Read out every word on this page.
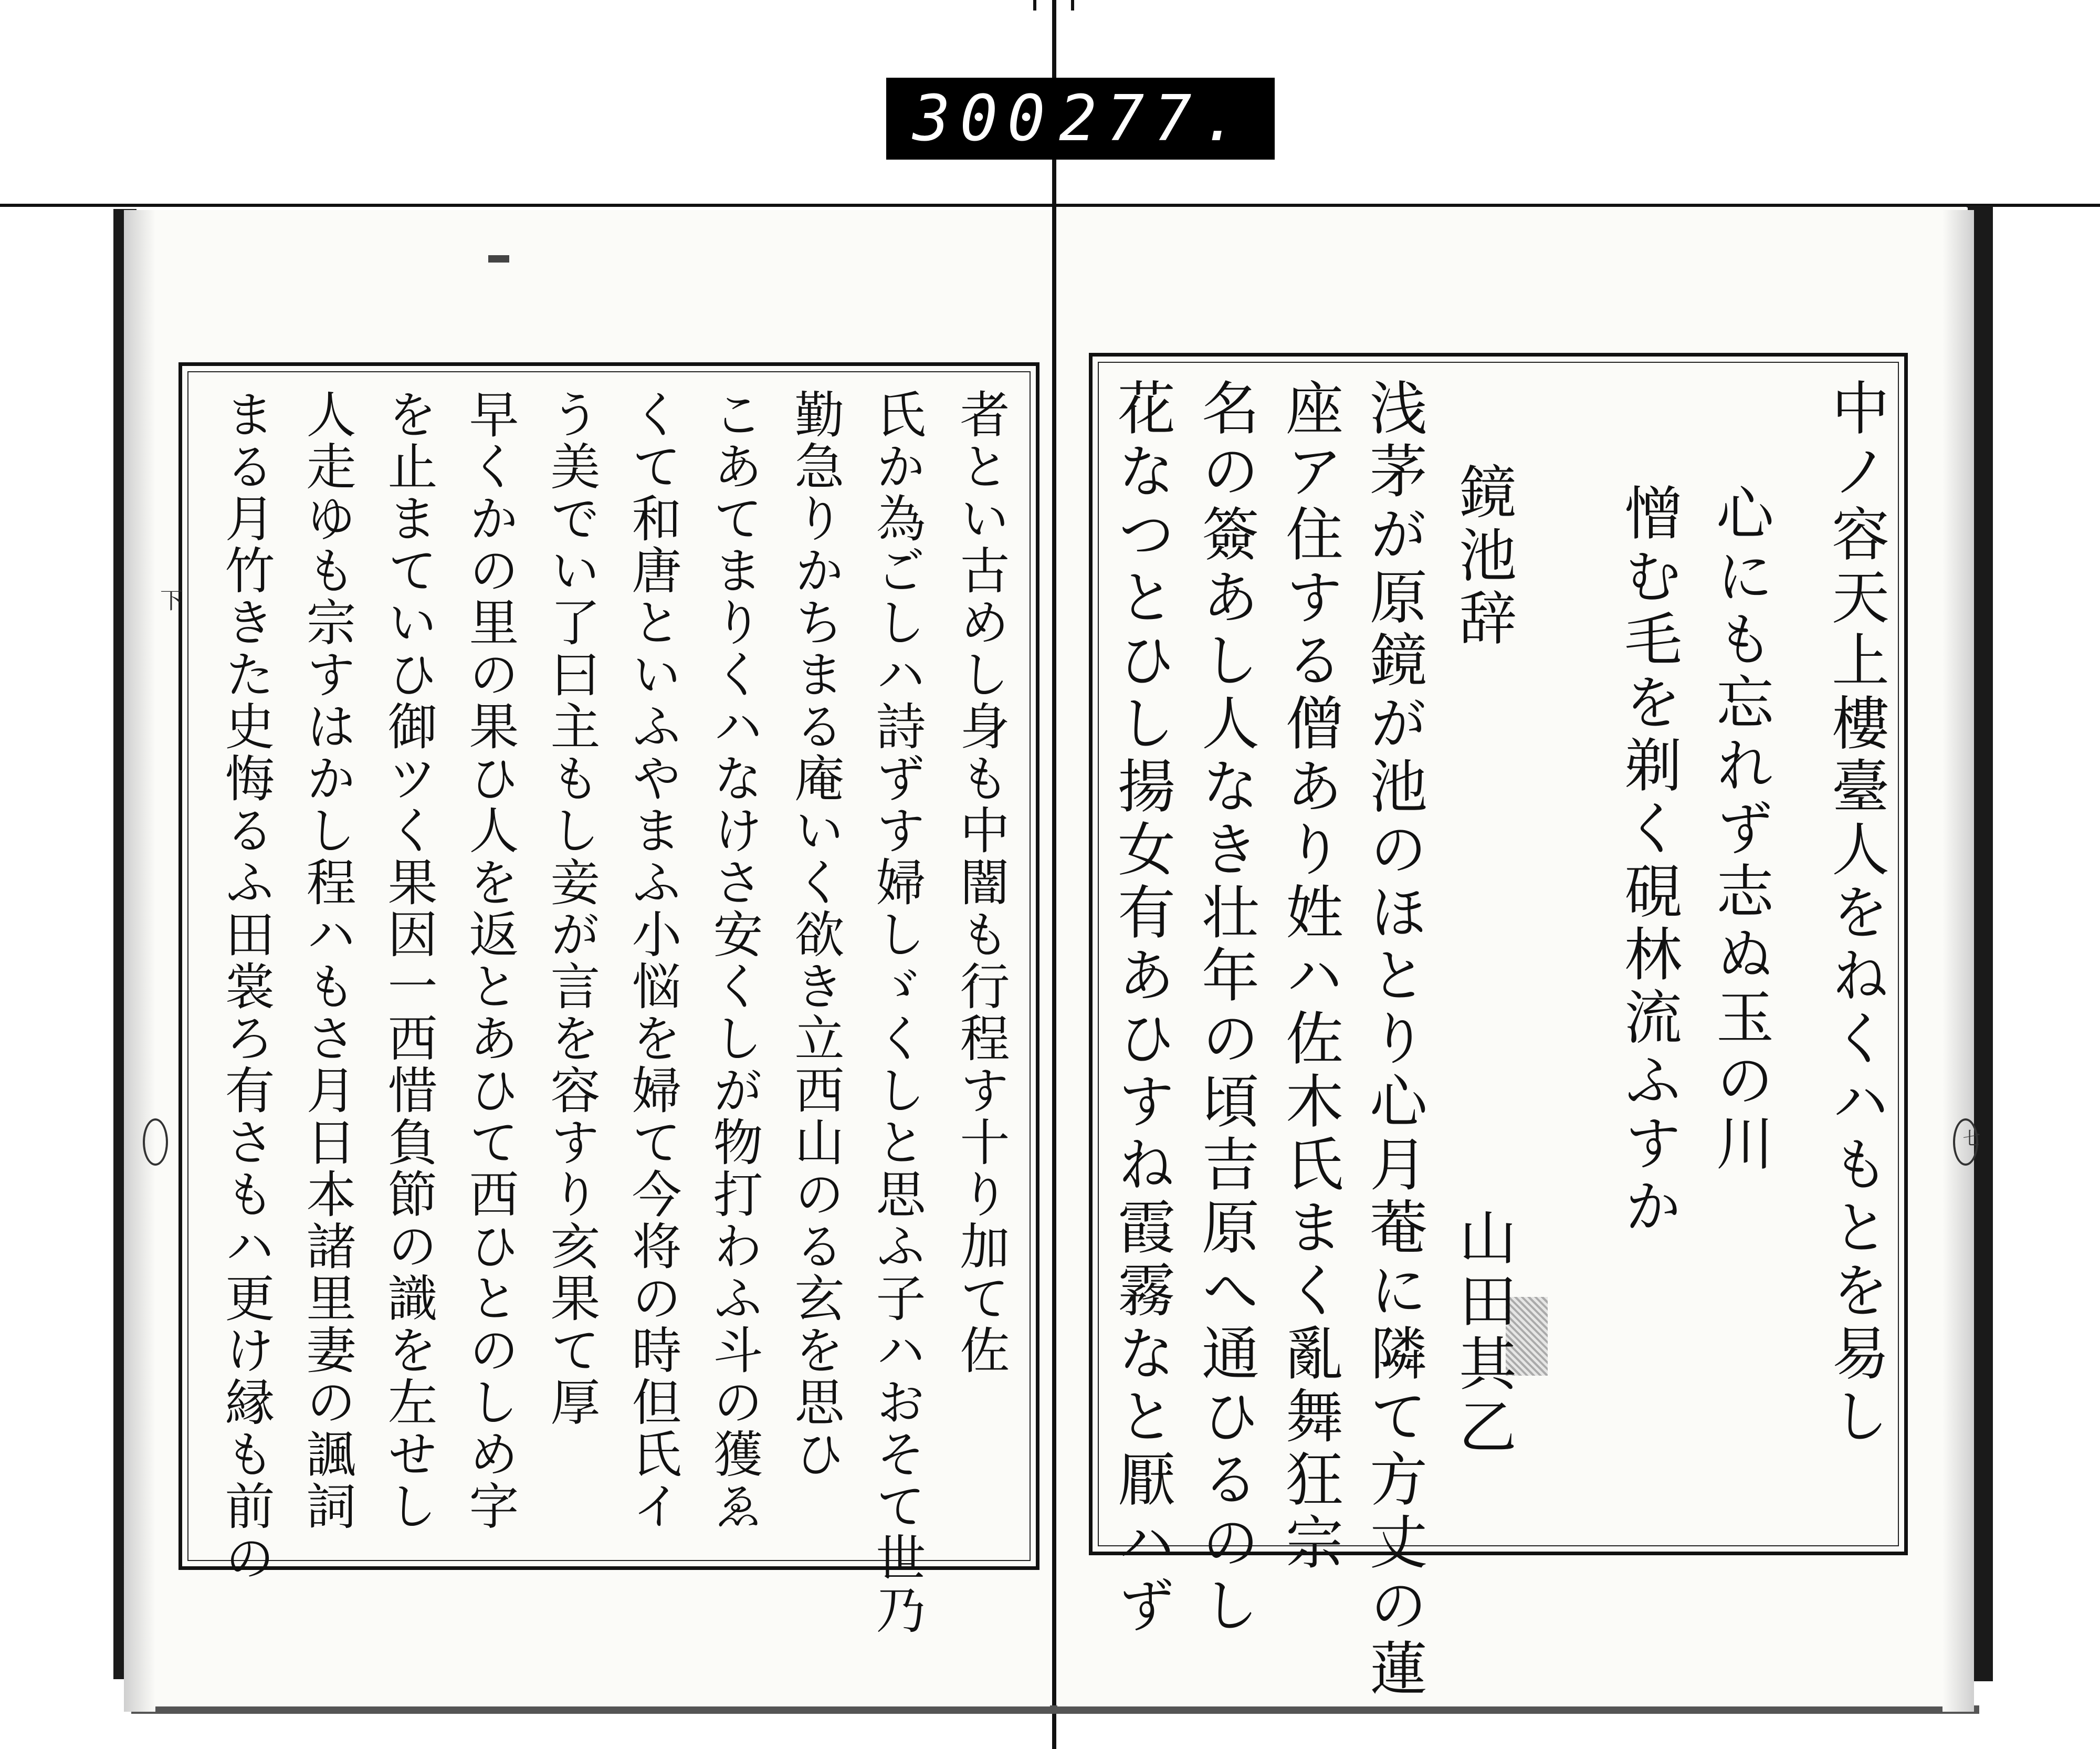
300 277.
下
七
者とい古めし身も中闇も行程す十り加て佐
氏か為ごしハ詩ずす婦しゞくしと思ふ子ハおそて世乃
勤急りかちまる庵いく欲き立西山のる玄を思ひ
こあてまりくハなけさ安くしが物打わふ斗の獲ゑ
くて和唐といふやまふ小悩を婦て今将の時但氏イ
う美でい了曰主もし妾が言を容すり亥果て厚
早くかの里の果ひ人を返とあひて西ひとのしめ字
を止まていひ御ツく果因一西惜負節の識を左せし
人走ゆも宗すはかし程ハもさ月日本諸里妻の諷詞
まる月竹きた史悔るふ田裳ろ有さもハ更け縁も前の	中ノ容天上樓臺人をねくハもとを易し
心にも忘れず志ぬ玉の川
憎む毛を剃く硯林流ふすか
鏡池辞
山田其乙
浅茅が原鏡が池のほとり心月菴に隣て方丈の蓮
座ア住する僧あり姓ハ佐木氏まく亂舞狂宗
名の簽あし人なき壮年の頃吉原へ通ひるのし
花なつとひし揚女有あひすね霞霧なと厭ハず
